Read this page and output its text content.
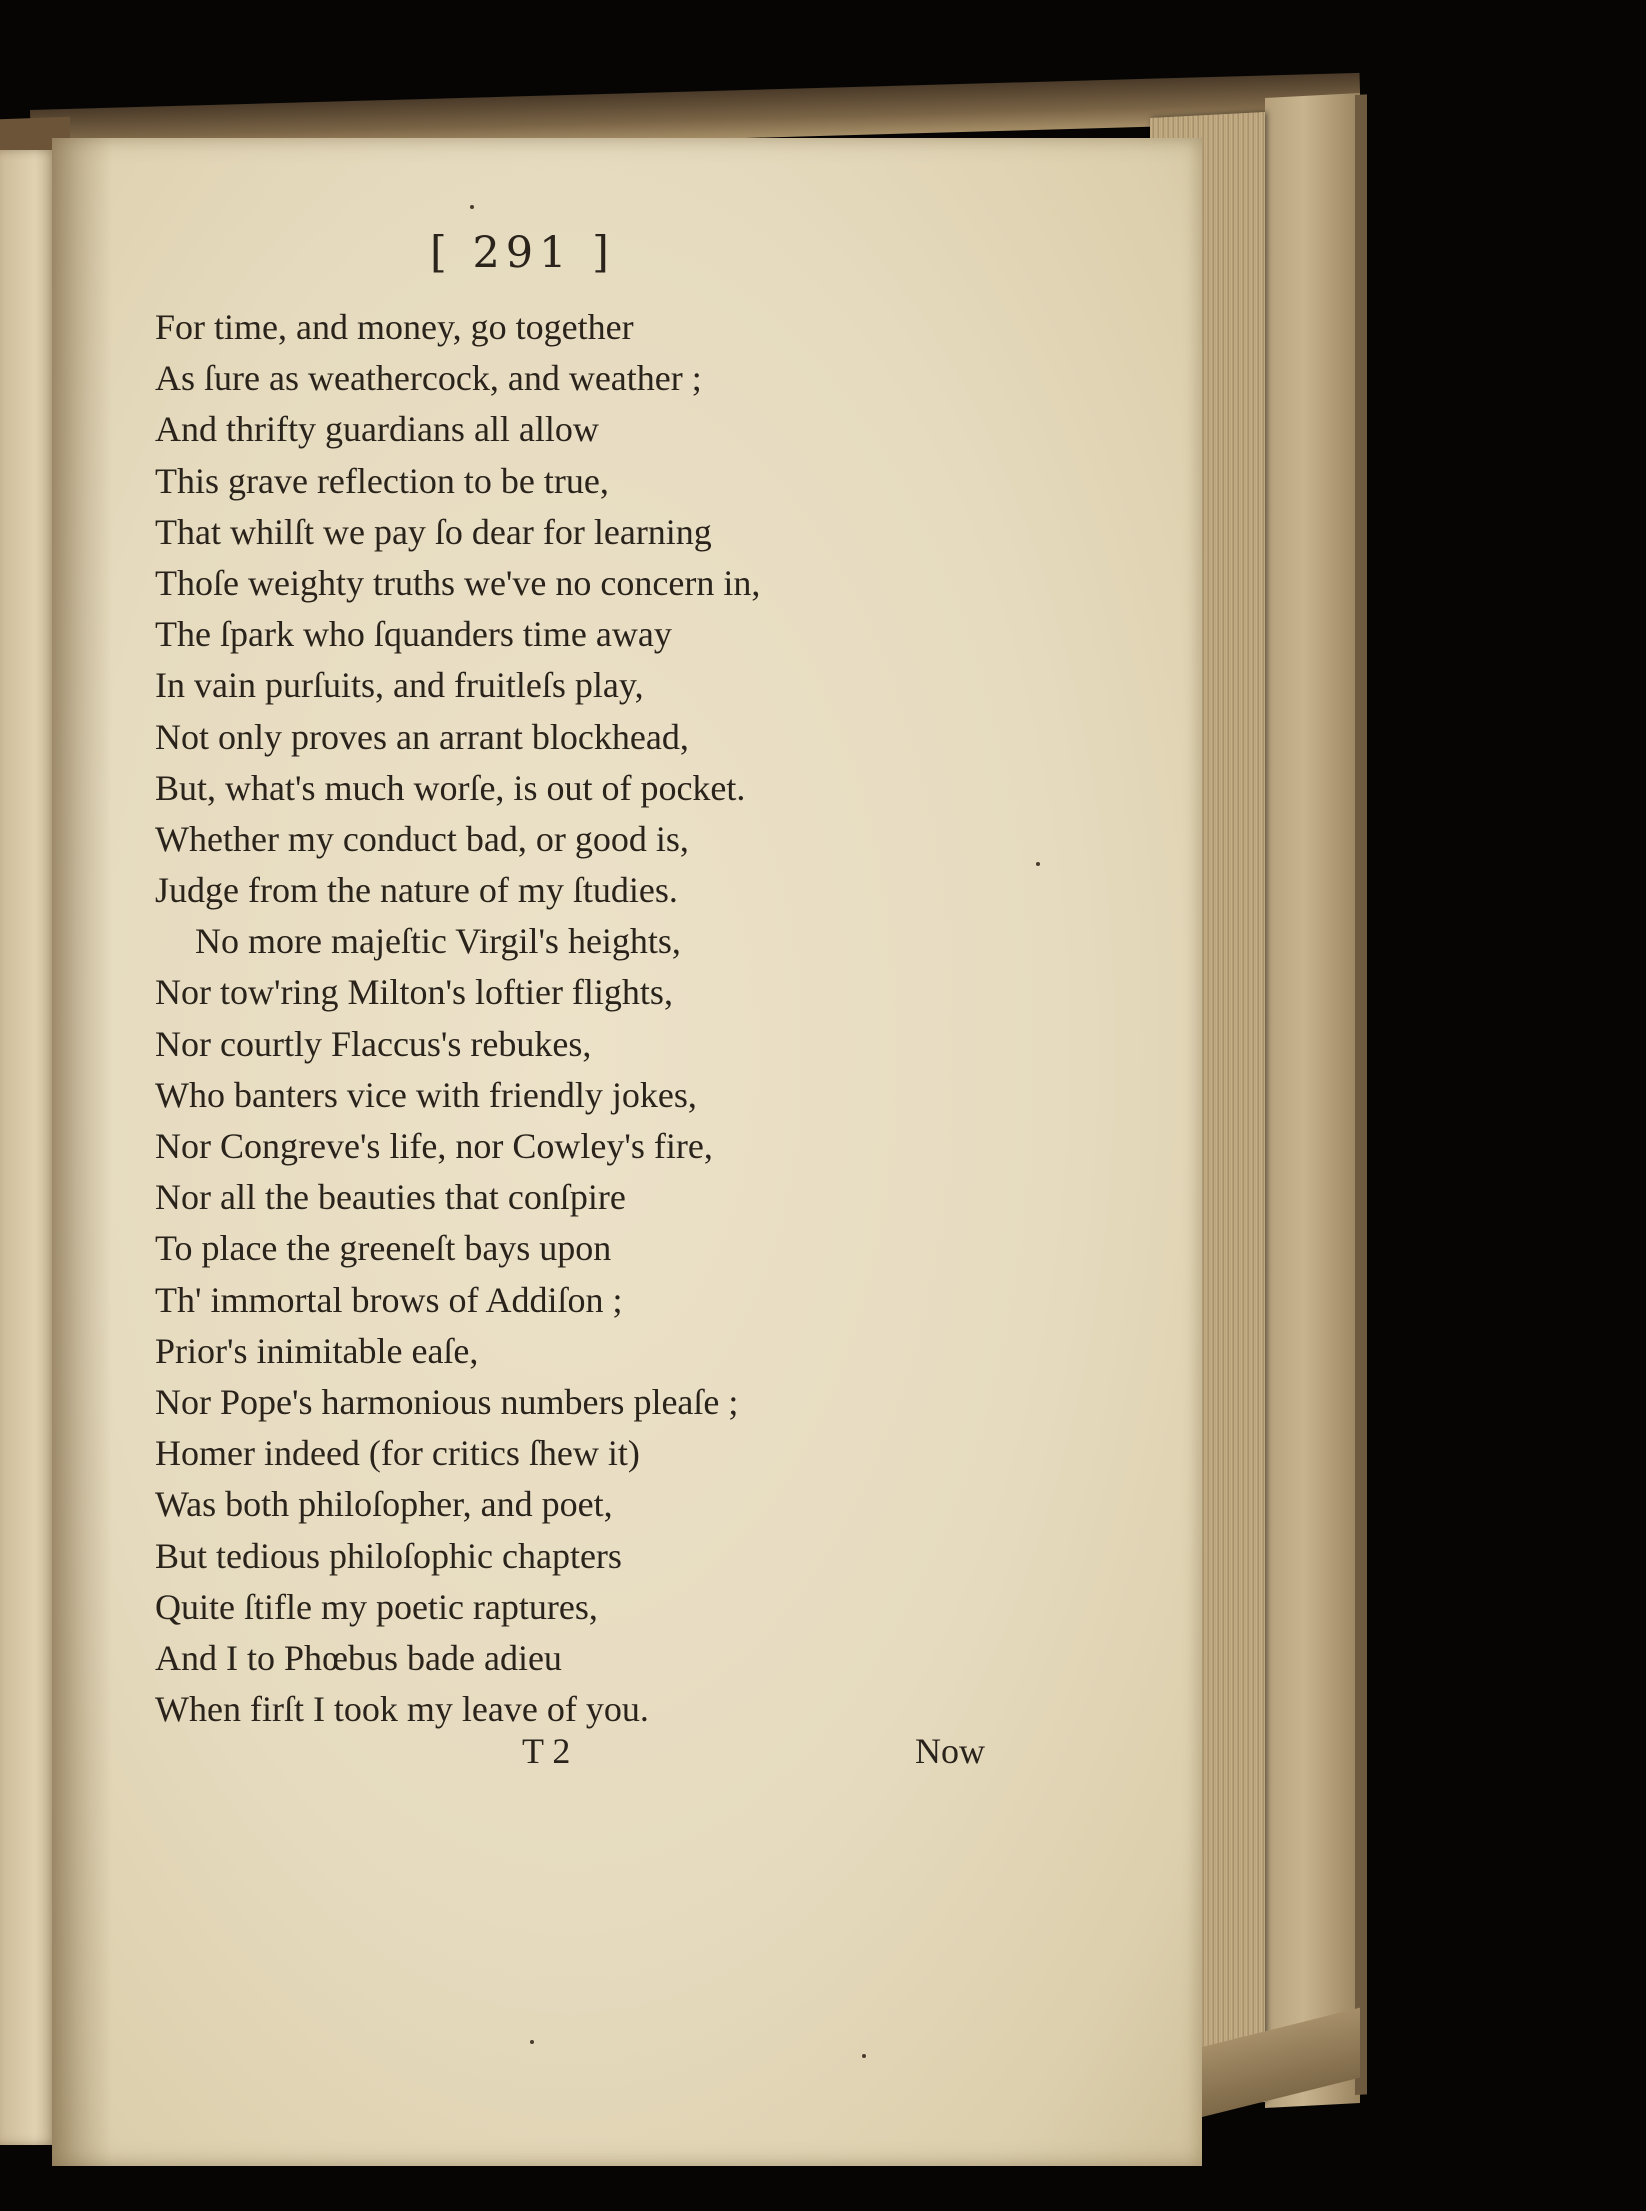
[ 291 ]
For time, and money, go together
As ſure as weathercock, and weather ;
And thrifty guardians all allow
This grave reflection to be true,
That whilſt we pay ſo dear for learning
Thoſe weighty truths we've no concern in,
The ſpark who ſquanders time away
In vain purſuits, and fruitleſs play,
Not only proves an arrant blockhead,
But, what's much worſe, is out of pocket.
Whether my conduct bad, or good is,
Judge from the nature of my ſtudies.
No more majeſtic Virgil's heights,
Nor tow'ring Milton's loftier flights,
Nor courtly Flaccus's rebukes,
Who banters vice with friendly jokes,
Nor Congreve's life, nor Cowley's fire,
Nor all the beauties that conſpire
To place the greeneſt bays upon
Th' immortal brows of Addiſon ;
Prior's inimitable eaſe,
Nor Pope's harmonious numbers pleaſe ;
Homer indeed (for critics ſhew it)
Was both philoſopher, and poet,
But tedious philoſophic chapters
Quite ſtifle my poetic raptures,
And I to Phœbus bade adieu
When firſt I took my leave of you.
T 2	Now
